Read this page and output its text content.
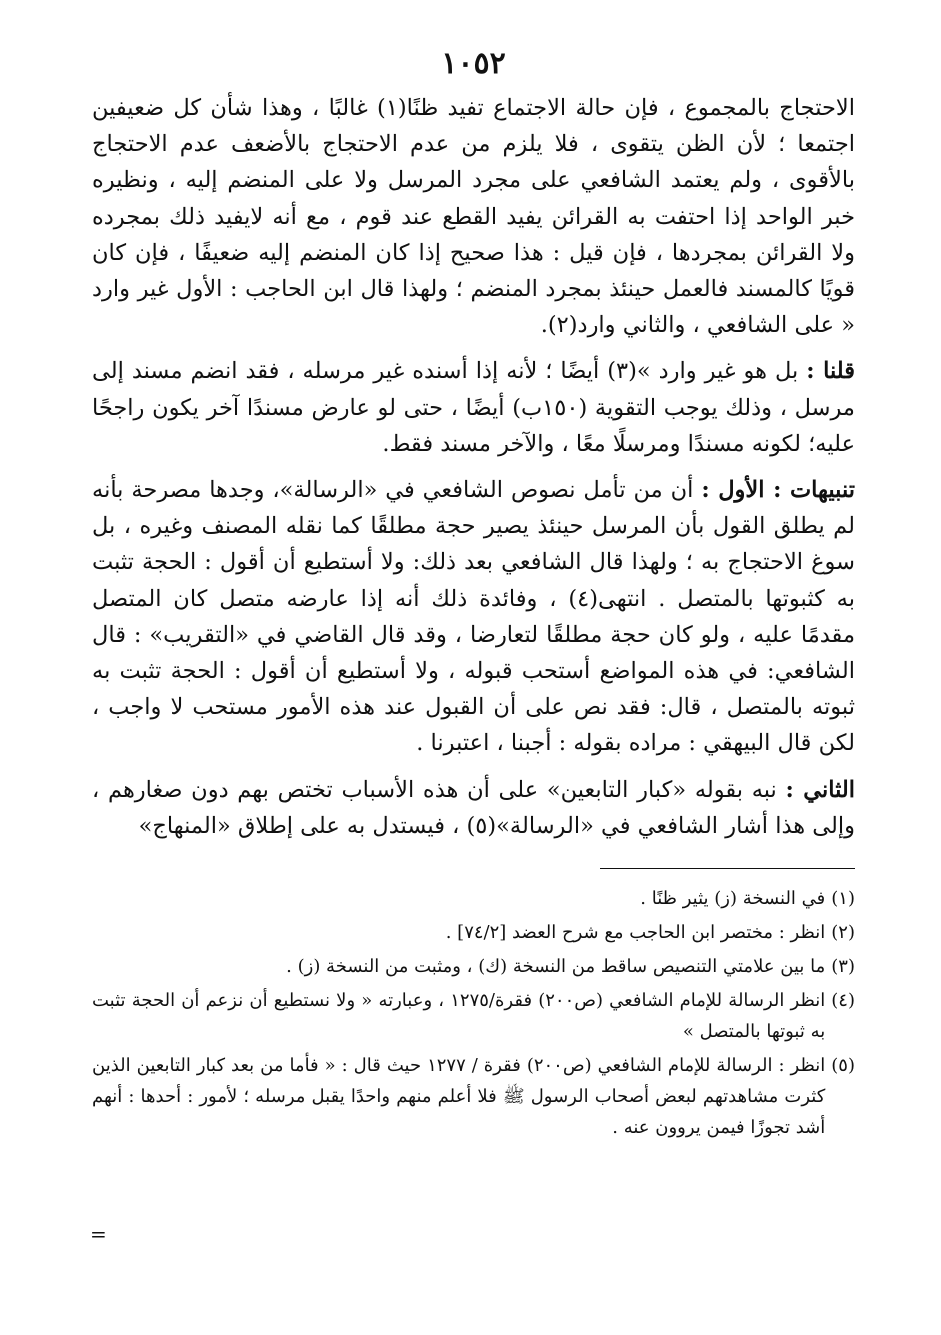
١٠٥٢

الاحتجاج بالمجموع ، فإن حالة الاجتماع تفيد ظنًا(١) غالبًا ، وهذا شأن كل ضعيفين اجتمعا ؛ لأن الظن يتقوى ، فلا يلزم من عدم الاحتجاج بالأضعف عدم الاحتجاج بالأقوى ، ولم يعتمد الشافعي على مجرد المرسل ولا على المنضم إليه ، ونظيره خبر الواحد إذا احتفت به القرائن يفيد القطع عند قوم ، مع أنه لايفيد ذلك بمجرده ولا القرائن بمجردها ، فإن قيل : هذا صحيح إذا كان المنضم إليه ضعيفًا ، فإن كان قويًا كالمسند فالعمل حينئذ بمجرد المنضم ؛ ولهذا قال ابن الحاجب : الأول غير وارد « على الشافعي ، والثاني وارد(٢).

قلنا : بل هو غير وارد »(٣) أيضًا ؛ لأنه إذا أسنده غير مرسله ، فقد انضم مسند إلى مرسل ، وذلك يوجب التقوية (١٥٠ب) أيضًا ، حتى لو عارض مسندًا آخر يكون راجحًا عليه؛ لكونه مسندًا ومرسلًا معًا ، والآخر مسند فقط.

تنبيهات : الأول : أن من تأمل نصوص الشافعي في «الرسالة»، وجدها مصرحة بأنه لم يطلق القول بأن المرسل حينئذ يصير حجة مطلقًا كما نقله المصنف وغيره ، بل سوغ الاحتجاج به ؛ ولهذا قال الشافعي بعد ذلك: ولا أستطيع أن أقول : الحجة تثبت به كثبوتها بالمتصل . انتهى(٤) ، وفائدة ذلك أنه إذا عارضه متصل كان المتصل مقدمًا عليه ، ولو كان حجة مطلقًا لتعارضا ، وقد قال القاضي في «التقريب» : قال الشافعي: في هذه المواضع أستحب قبوله ، ولا أستطيع أن أقول : الحجة تثبت به ثبوته بالمتصل ، قال: فقد نص على أن القبول عند هذه الأمور مستحب لا واجب ، لكن قال البيهقي : مراده بقوله : أجبنا ، اعتبرنا .

الثاني : نبه بقوله «كبار التابعين» على أن هذه الأسباب تختص بهم دون صغارهم ، وإلى هذا أشار الشافعي في «الرسالة»(٥) ، فيستدل به على إطلاق «المنهاج»

(١)
في النسخة (ز) يثير ظنًا .
(٢)
انظر : مختصر ابن الحاجب مع شرح العضد [٧٤/٢] .
(٣)
ما بين علامتي التنصيص ساقط من النسخة (ك) ، ومثبت من النسخة (ز) .
(٤)
انظر الرسالة للإمام الشافعي (ص٢٠٠) فقرة/١٢٧٥ ، وعبارته « ولا نستطيع أن نزعم أن الحجة تثبت به ثبوتها بالمتصل »
(٥)
انظر : الرسالة للإمام الشافعي (ص٢٠٠) فقرة / ١٢٧٧ حيث قال : « فأما من بعد كبار التابعين الذين كثرت مشاهدتهم لبعض أصحاب الرسول ﷺ فلا أعلم منهم واحدًا يقبل مرسله ؛ لأمور : أحدها : أنهم أشد تجوزًا فيمن يروون عنه .
=
